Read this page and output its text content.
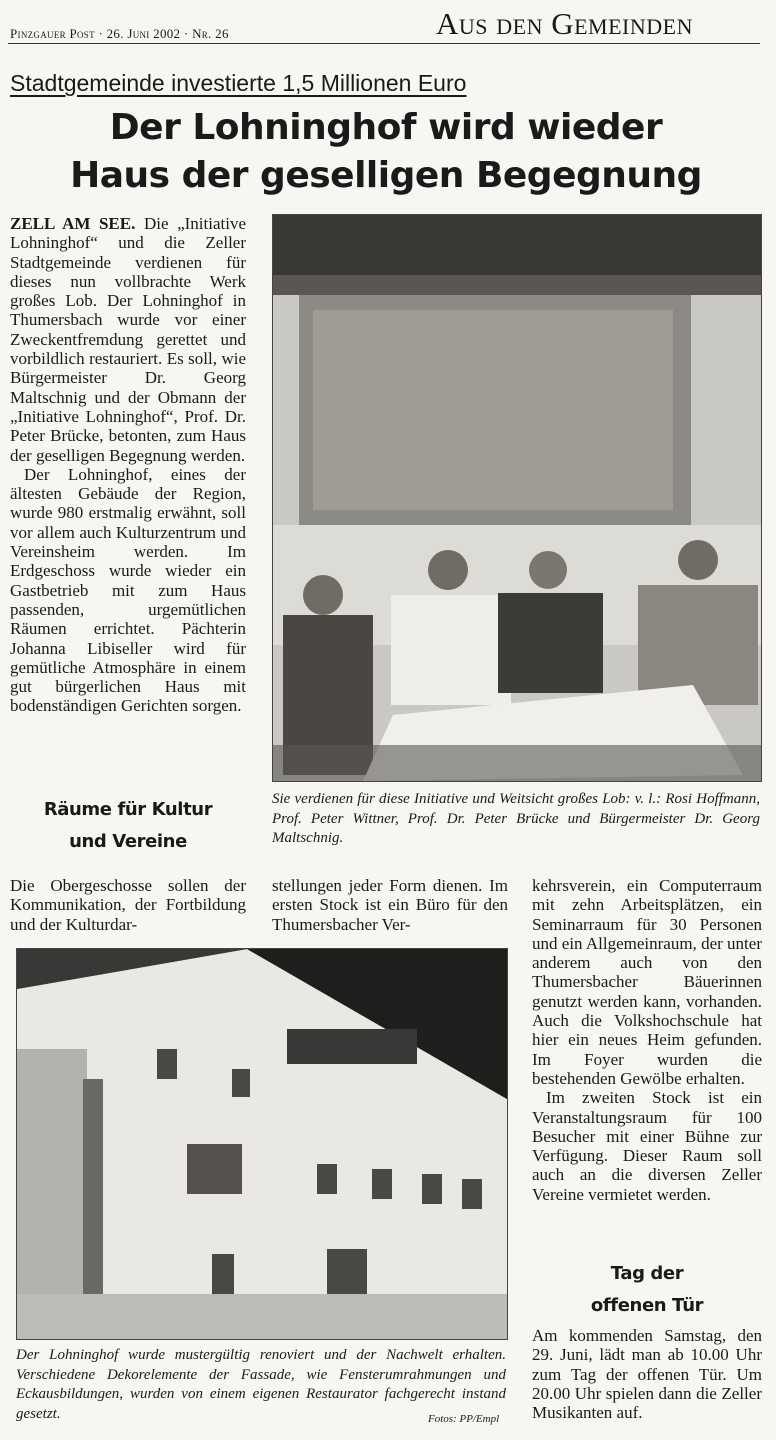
Pinzgauer Post · 26. Juni 2002 · Nr. 26	Aus den Gemeinden
Stadtgemeinde investierte 1,5 Millionen Euro
Der Lohninghof wird wieder
Haus der geselligen Begegnung

ZELL AM SEE. Die „Initiative Lohninghof“ und die Zeller Stadtgemeinde verdienen für dieses nun vollbrachte Werk großes Lob. Der Lohninghof in Thumersbach wurde vor einer Zweckentfremdung gerettet und vorbildlich restauriert. Es soll, wie Bürgermeister Dr. Georg Maltschnig und der Obmann der „Initiative Lohninghof“, Prof. Dr. Peter Brücke, betonten, zum Haus der geselligen Begegnung werden.

Der Lohninghof, eines der ältesten Gebäude der Region, wurde 980 erstmalig erwähnt, soll vor allem auch Kulturzentrum und Vereinsheim werden. Im Erdgeschoss wurde wieder ein Gastbetrieb mit zum Haus passenden, urgemütlichen Räumen errichtet. Pächterin Johanna Libiseller wird für gemütliche Atmosphäre in einem gut bürgerlichen Haus mit bodenständigen Gerichten sorgen.

Räume für Kultur
und Vereine

Die Obergeschosse sollen der Kommunikation, der Fortbildung und der Kulturdar-

Sie verdienen für diese Initiative und Weitsicht großes Lob: v. l.: Rosi Hoffmann, Prof. Peter Wittner, Prof. Dr. Peter Brücke und Bürgermeister Dr. Georg Maltschnig.

stellungen jeder Form dienen. Im ersten Stock ist ein Büro für den Thumersbacher Ver-

kehrsverein, ein Computerraum mit zehn Arbeitsplätzen, ein Seminarraum für 30 Personen und ein Allgemeinraum, der unter anderem auch von den Thumersbacher Bäuerinnen genutzt werden kann, vorhanden. Auch die Volkshochschule hat hier ein neues Heim gefunden. Im Foyer wurden die bestehenden Gewölbe erhalten.

Im zweiten Stock ist ein Veranstaltungsraum für 100 Besucher mit einer Bühne zur Verfügung. Dieser Raum soll auch an die diversen Zeller Vereine vermietet werden.

Tag der
offenen Tür

Am kommenden Samstag, den 29. Juni, lädt man ab 10.00 Uhr zum Tag der offenen Tür. Um 20.00 Uhr spielen dann die Zeller Musikanten auf.

Der Lohninghof wurde mustergültig renoviert und der Nachwelt erhalten. Verschiedene Dekorelemente der Fassade, wie Fensterumrahmungen und Eckausbildungen, wurden von einem eigenen Restaurator fachgerecht instand gesetzt.	Fotos: PP/Empl
